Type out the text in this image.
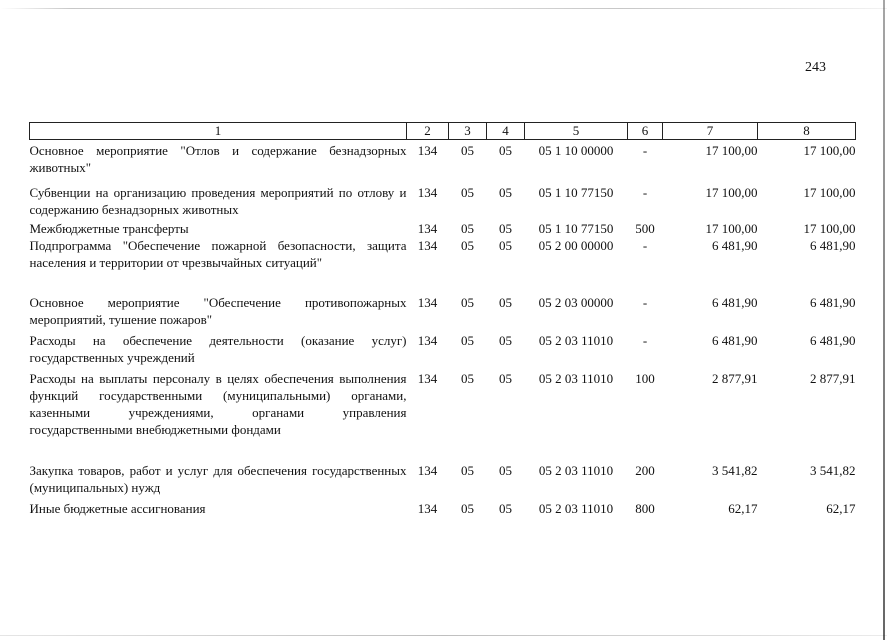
243
1	2	3	4	5	6	7	8
Основное мероприятие "Отлов и содержание безнадзорных животных"	134	05	05	05 1 10 00000	-	17 100,00	17 100,00
Субвенции на организацию проведения мероприятий по отлову и содержанию безнадзорных животных	134	05	05	05 1 10 77150	-	17 100,00	17 100,00
Межбюджетные трансферты	134	05	05	05 1 10 77150	500	17 100,00	17 100,00
Подпрограмма "Обеспечение пожарной безопасности, защита населения и территории от чрезвычайных ситуаций"	134	05	05	05 2 00 00000	-	6 481,90	6 481,90
Основное мероприятие "Обеспечение противопожарных мероприятий, тушение пожаров"	134	05	05	05 2 03 00000	-	6 481,90	6 481,90
Расходы на обеспечение деятельности (оказание услуг) государственных учреждений	134	05	05	05 2 03 11010	-	6 481,90	6 481,90
Расходы на выплаты персоналу в целях обеспечения выполнения функций государственными (муниципальными) органами, казенными учреждениями, органами управления государственными внебюджетными фондами	134	05	05	05 2 03 11010	100	2 877,91	2 877,91
Закупка товаров, работ и услуг для обеспечения государственных (муниципальных) нужд	134	05	05	05 2 03 11010	200	3 541,82	3 541,82
Иные бюджетные ассигнования	134	05	05	05 2 03 11010	800	62,17	62,17
